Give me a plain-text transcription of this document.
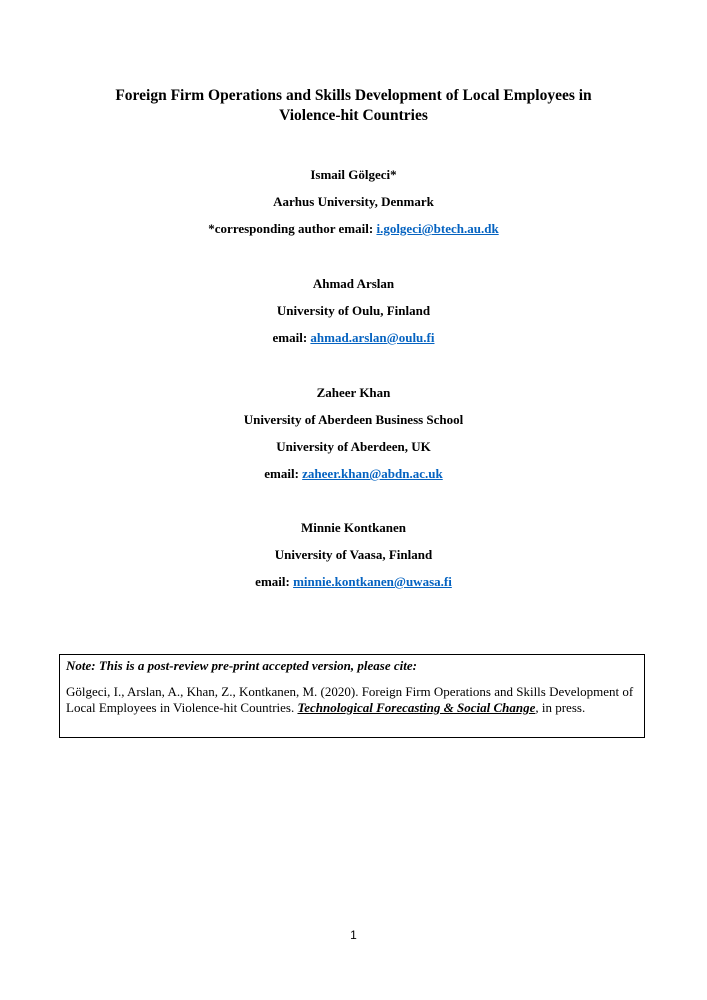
Foreign Firm Operations and Skills Development of Local Employees in
Violence-hit Countries
Ismail Gölgeci*
Aarhus University, Denmark
*corresponding author email: i.golgeci@btech.au.dk
Ahmad Arslan
University of Oulu, Finland
email: ahmad.arslan@oulu.fi
Zaheer Khan
University of Aberdeen Business School
University of Aberdeen, UK
email: zaheer.khan@abdn.ac.uk
Minnie Kontkanen
University of Vaasa, Finland
email: minnie.kontkanen@uwasa.fi
Note: This is a post-review pre-print accepted version, please cite:
Gölgeci, I., Arslan, A., Khan, Z., Kontkanen, M. (2020). Foreign Firm Operations and Skills Development of Local Employees in Violence-hit Countries. Technological Forecasting & Social Change, in press.
1
